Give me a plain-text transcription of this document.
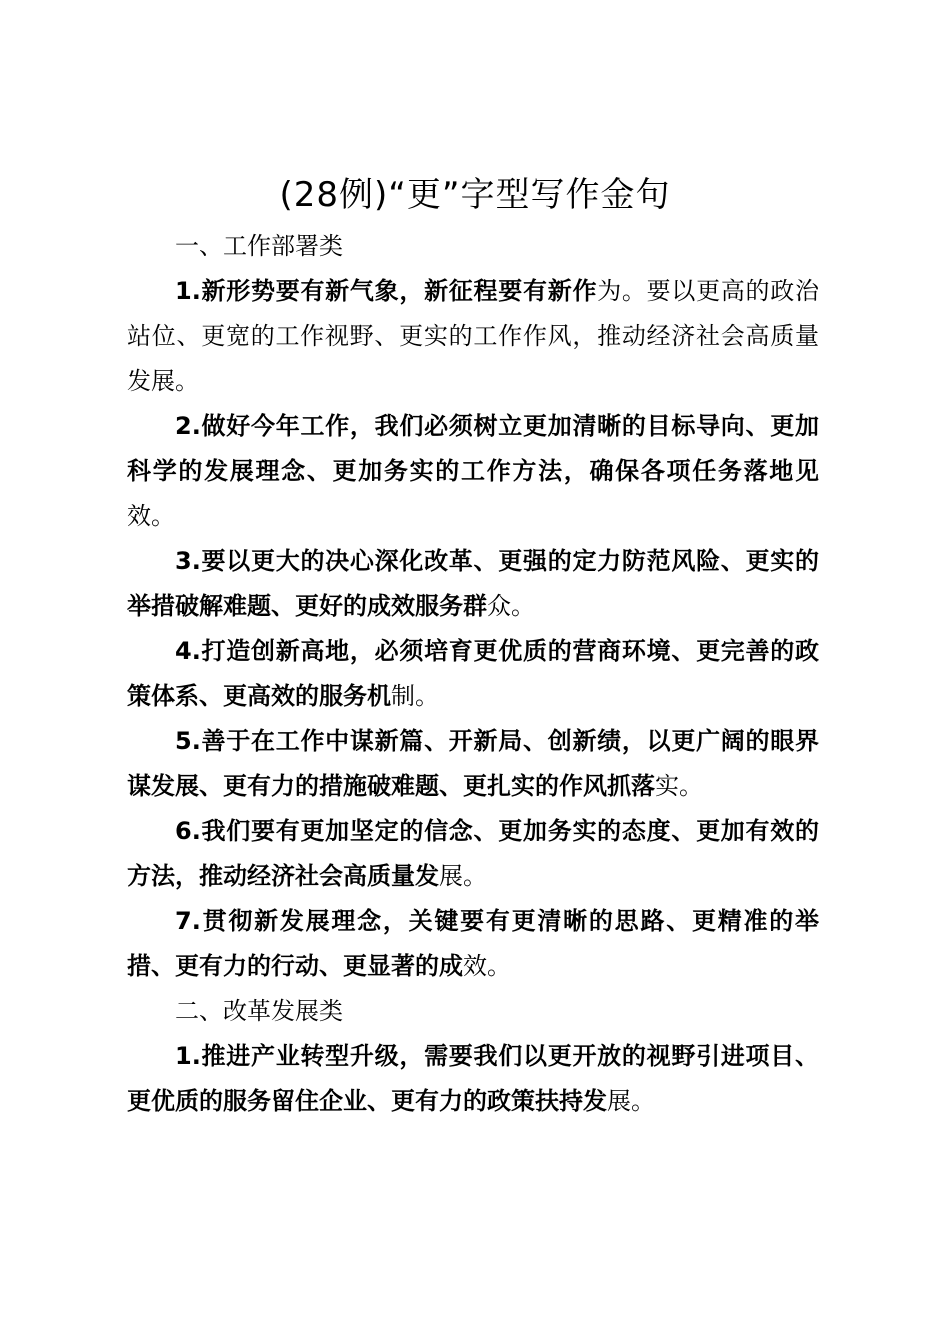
(28例)“更”字型写作金句

一、工作部署类

1.新形势要有新气象，新征程要有新作为。要以更高的政治站位、更宽的工作视野、更实的工作作风，推动经济社会高质量发展。

2.做好今年工作，我们必须树立更加清晰的目标导向、更加科学的发展理念、更加务实的工作方法，确保各项任务落地见效。

3.要以更大的决心深化改革、更强的定力防范风险、更实的举措破解难题、更好的成效服务群众。

4.打造创新高地，必须培育更优质的营商环境、更完善的政策体系、更高效的服务机制。

5.善于在工作中谋新篇、开新局、创新绩，以更广阔的眼界谋发展、更有力的措施破难题、更扎实的作风抓落实。

6.我们要有更加坚定的信念、更加务实的态度、更加有效的方法，推动经济社会高质量发展。

7.贯彻新发展理念，关键要有更清晰的思路、更精准的举措、更有力的行动、更显著的成效。

二、改革发展类

1.推进产业转型升级，需要我们以更开放的视野引进项目、更优质的服务留住企业、更有力的政策扶持发展。
